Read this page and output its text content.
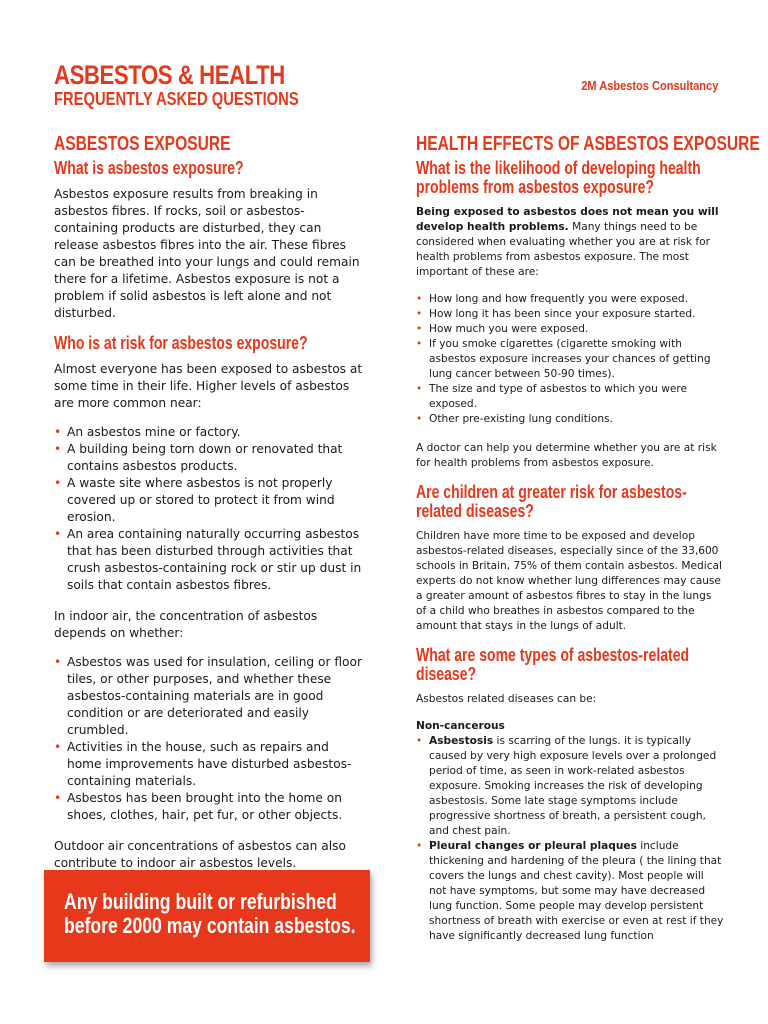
ASBESTOS & HEALTH
FREQUENTLY ASKED QUESTIONS
2M Asbestos Consultancy
ASBESTOS EXPOSURE
What is asbestos exposure?

Asbestos exposure results from breaking in asbestos fibres. If rocks, soil or asbestos-containing products are disturbed, they can release asbestos fibres into the air. These fibres can be breathed into your lungs and could remain there for a lifetime. Asbestos exposure is not a problem if solid asbestos is left alone and not disturbed.

Who is at risk for asbestos exposure?

Almost everyone has been exposed to asbestos at some time in their life. Higher levels of asbestos are more common near:

• An asbestos mine or factory.
• A building being torn down or renovated that contains asbestos products.
• A waste site where asbestos is not properly covered up or stored to protect it from wind erosion.
• An area containing naturally occurring asbestos that has been disturbed through activities that crush asbestos-containing rock or stir up dust in soils that contain asbestos fibres.

In indoor air, the concentration of asbestos depends on whether:

• Asbestos was used for insulation, ceiling or floor tiles, or other purposes, and whether these asbestos-containing materials are in good condition or are deteriorated and easily crumbled.
• Activities in the house, such as repairs and home improvements have disturbed asbestos-containing materials.
• Asbestos has been brought into the home on shoes, clothes, hair, pet fur, or other objects.

Outdoor air concentrations of asbestos can also contribute to indoor air asbestos levels.

Any building built or refurbished
before 2000 may contain asbestos.
HEALTH EFFECTS OF ASBESTOS EXPOSURE
What is the likelihood of developing health problems from asbestos exposure?

Being exposed to asbestos does not mean you will develop health problems. Many things need to be considered when evaluating whether you are at risk for health problems from asbestos exposure. The most important of these are:

• How long and how frequently you were exposed.
• How long it has been since your exposure started.
• How much you were exposed.
• If you smoke cigarettes (cigarette smoking with asbestos exposure increases your chances of getting lung cancer between 50-90 times).
• The size and type of asbestos to which you were exposed.
• Other pre-existing lung conditions.

A doctor can help you determine whether you are at risk for health problems from asbestos exposure.

Are children at greater risk for asbestos-related diseases?

Children have more time to be exposed and develop asbestos-related diseases, especially since of the 33,600 schools in Britain, 75% of them contain asbestos. Medical experts do not know whether lung differences may cause a greater amount of asbestos fibres to stay in the lungs of a child who breathes in asbestos compared to the amount that stays in the lungs of adult.

What are some types of asbestos-related disease?

Asbestos related diseases can be:

Non-cancerous

• Asbestosis is scarring of the lungs. it is typically caused by very high exposure levels over a prolonged period of time, as seen in work-related asbestos exposure. Smoking increases the risk of developing asbestosis. Some late stage symptoms include progressive shortness of breath, a persistent cough, and chest pain.
• Pleural changes or pleural plaques include thickening and hardening of the pleura ( the lining that covers the lungs and chest cavity). Most people will not have symptoms, but some may have decreased lung function. Some people may develop persistent shortness of breath with exercise or even at rest if they have significantly decreased lung function
